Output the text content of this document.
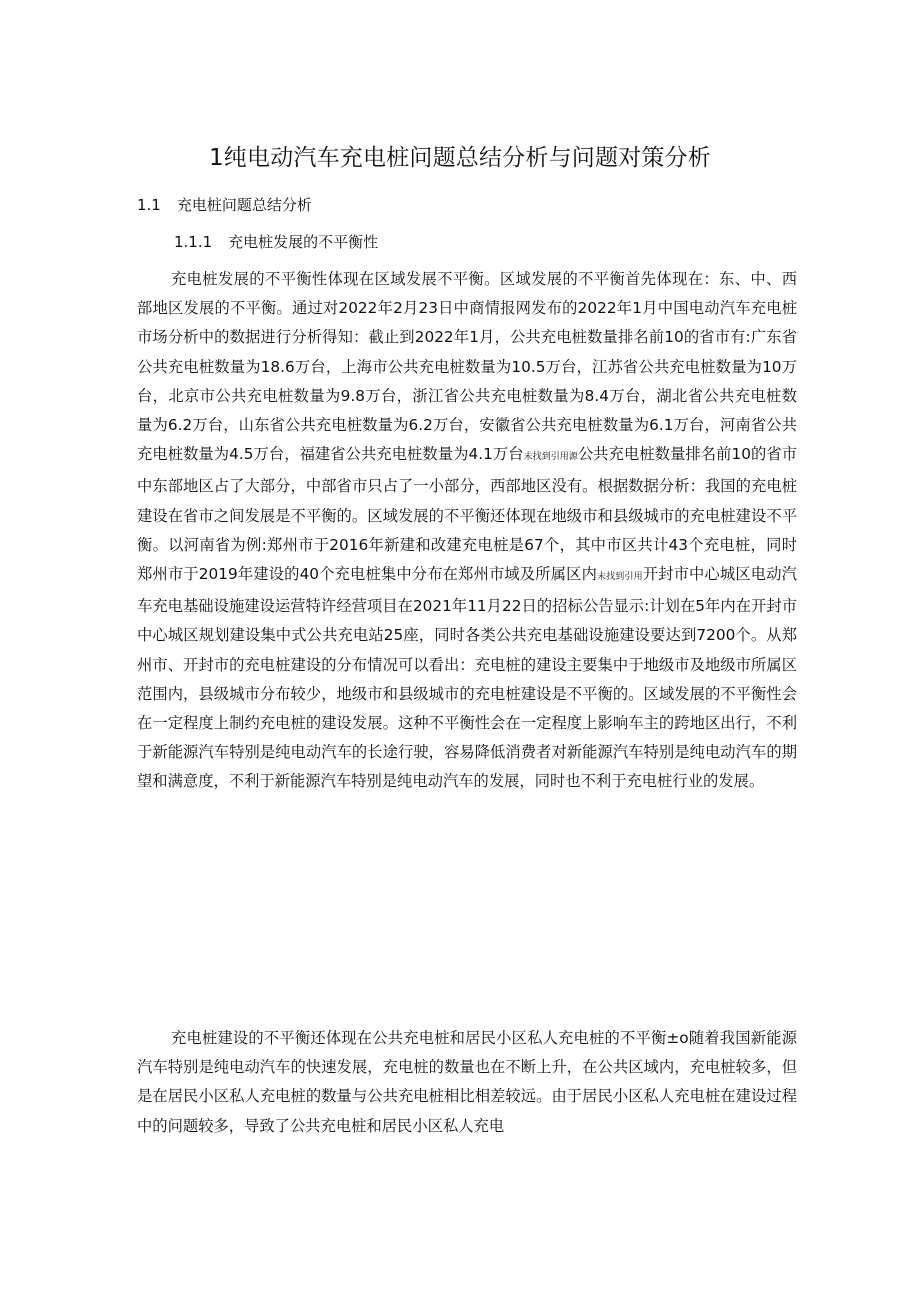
1纯电动汽车充电桩问题总结分析与问题对策分析
1.1 充电桩问题总结分析
1.1.1 充电桩发展的不平衡性

充电桩发展的不平衡性体现在区域发展不平衡。区域发展的不平衡首先体现在：东、中、西部地区发展的不平衡。通过对2022年2月23日中商情报网发布的2022年1月中国电动汽车充电桩市场分析中的数据进行分析得知：截止到2022年1月，公共充电桩数量排名前10的省市有:广东省公共充电桩数量为18.6万台，上海市公共充电桩数量为10.5万台，江苏省公共充电桩数量为10万台，北京市公共充电桩数量为9.8万台，浙江省公共充电桩数量为8.4万台，湖北省公共充电桩数量为6.2万台，山东省公共充电桩数量为6.2万台，安徽省公共充电桩数量为6.1万台，河南省公共充电桩数量为4.5万台，福建省公共充电桩数量为4.1万台未找到引用源公共充电桩数量排名前10的省市中东部地区占了大部分，中部省市只占了一小部分，西部地区没有。根据数据分析：我国的充电桩建设在省市之间发展是不平衡的。区域发展的不平衡还体现在地级市和县级城市的充电桩建设不平衡。以河南省为例:郑州市于2016年新建和改建充电桩是67个，其中市区共计43个充电桩，同时郑州市于2019年建设的40个充电桩集中分布在郑州市域及所属区内未找到引用开封市中心城区电动汽车充电基础设施建设运营特许经营项目在2021年11月22日的招标公告显示:计划在5年内在开封市中心城区规划建设集中式公共充电站25座，同时各类公共充电基础设施建设要达到7200个。从郑州市、开封市的充电桩建设的分布情况可以看出：充电桩的建设主要集中于地级市及地级市所属区范围内，县级城市分布较少，地级市和县级城市的充电桩建设是不平衡的。区域发展的不平衡性会在一定程度上制约充电桩的建设发展。这种不平衡性会在一定程度上影响车主的跨地区出行，不利于新能源汽车特别是纯电动汽车的长途行驶，容易降低消费者对新能源汽车特别是纯电动汽车的期望和满意度，不利于新能源汽车特别是纯电动汽车的发展，同时也不利于充电桩行业的发展。

充电桩建设的不平衡还体现在公共充电桩和居民小区私人充电桩的不平衡±o随着我国新能源汽车特别是纯电动汽车的快速发展，充电桩的数量也在不断上升，在公共区域内，充电桩较多，但是在居民小区私人充电桩的数量与公共充电桩相比相差较远。由于居民小区私人充电桩在建设过程中的问题较多，导致了公共充电桩和居民小区私人充电
